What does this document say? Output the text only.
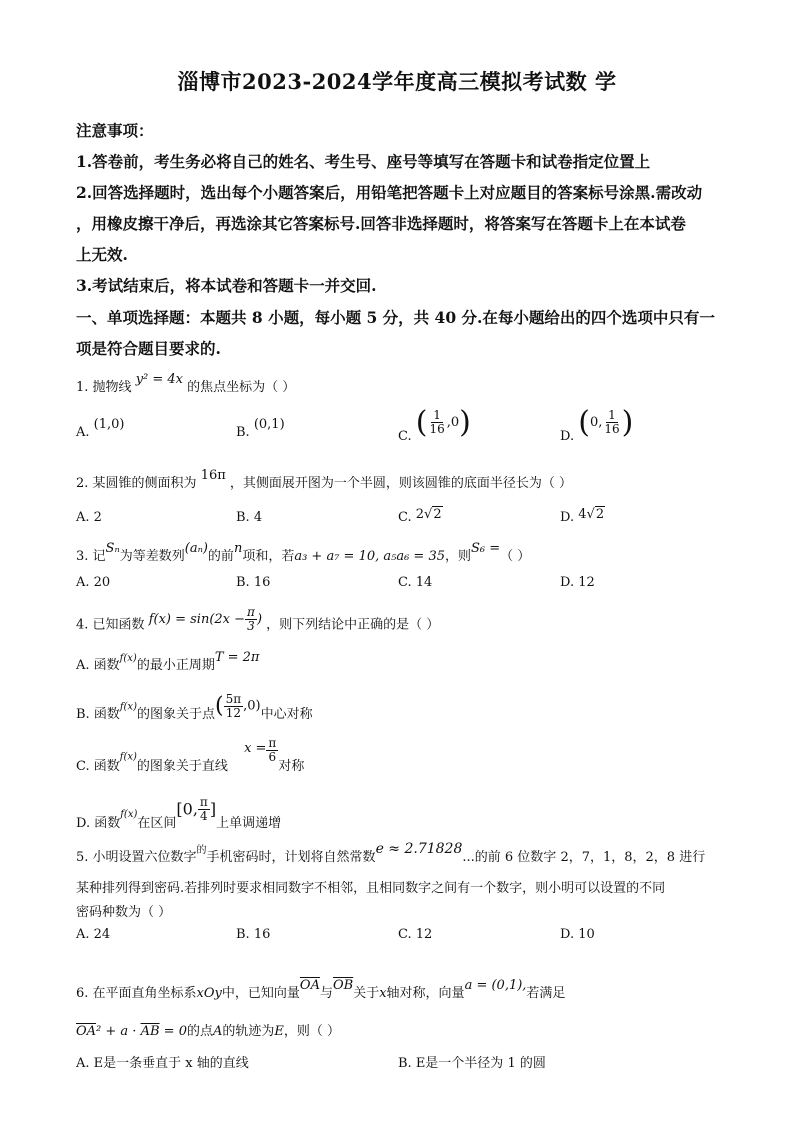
淄博市2023-2024学年度高三模拟考试数 学
注意事项：
1.答卷前，考生务必将自己的姓名、考生号、座号等填写在答题卡和试卷指定位置上
2.回答选择题时，选出每个小题答案后，用铅笔把答题卡上对应题目的答案标号涂黑.需改动
，用橡皮擦干净后，再选涂其它答案标号.回答非选择题时，将答案写在答题卡上在本试卷
上无效.
3.考试结束后，将本试卷和答题卡一并交回.
一、单项选择题：本题共 8 小题，每小题 5 分，共 40 分.在每小题给出的四个选项中只有一
项是符合题目要求的.
1. 抛物线 y² = 4x 的焦点坐标为（ ）
A. (1,0)
B. (0,1)
C. ( $\frac{1}{16} ,0$)	D. (0, $\frac{1}{16}$ )
2. 某圆锥的侧面积为 16π ，其侧面展开图为一个半圆，则该圆锥的底面半径长为（ ）
A. 2	B. 4	C. 2√2	D. 4√2
3. 记Sₙ为等差数列(aₙ)的前n项和，若a₃ + a₇ = 10, a₅a₆ = 35，则S₆ =（ ）
A. 20	B. 16	C. 14	D. 12
4. 已知函数 $f(x) = \sin(2x - \frac{\pi}{3}$ ) ，则下列结论中正确的是（ ）
A. 函数$^{f(x)}$的最小正周期T = 2π
B. 函数f(x)的图象关于点( $\frac{5\pi}{12} ,0$)中心对称
C. 函数f(x)的图象关于直线 $x = \frac{\pi}{6}$
对称
D. 函数$_{f(x)}$在区间[0, $\frac{\pi}{4}$ ]上单调递增
5. 小明设置六位数字$^的$手机密码时，计划将自然常数e ≈ 2.71828...的前 6 位数字 2，7，1，8，2，8 进行
某种排列得到密码.若排列时要求相同数字不相邻，且相同数字之间有一个数字，则小明可以设置的不同
密码种数为（ ）
A. 24	B. 16	C. 12	D. 10
6. 在平面直角坐标系xOy中，已知向量$\overline{OA}$与$\overline{OB}$关于x轴对称，向量a = (0,1),若满足
$\overline{OA}^2 + a \cdot \overline{AB} = 0$的点A的轨迹为E，则（ ）
A. E是一条垂直于 x 轴的直线	B. E是一个半径为 1 的圆
